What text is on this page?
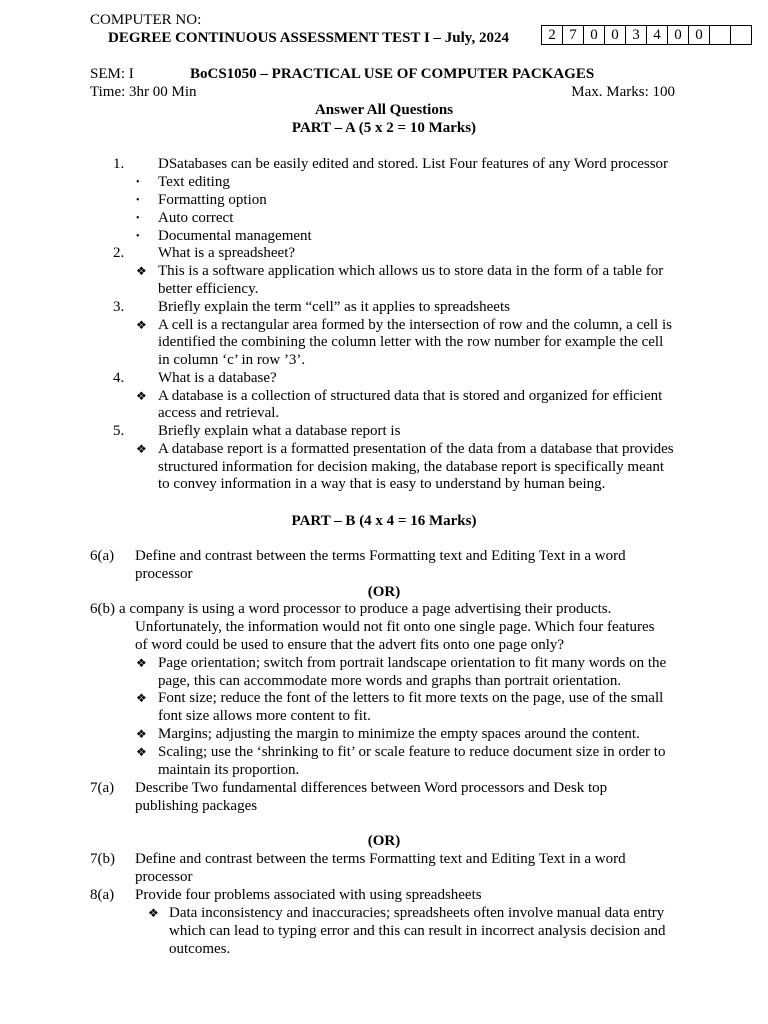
COMPUTER NO:
DEGREE CONTINUOUS ASSESSMENT TEST I – July, 2024	2 7 0 0 3 4 0 0
SEM: I	BoCS1050 – PRACTICAL USE OF COMPUTER PACKAGES
Time: 3hr 00 Min	Max. Marks: 100
Answer All Questions
PART – A (5 x 2 = 10 Marks)
1. DSatabases can be easily edited and stored. List Four features of any Word processor
• Text editing
• Formatting option
• Auto correct
• Documental management
2. What is a spreadsheet?
❖ This is a software application which allows us to store data in the form of a table for
better efficiency.
3. Briefly explain the term “cell” as it applies to spreadsheets
❖ A cell is a rectangular area formed by the intersection of row and the column, a cell is
identified the combining the column letter with the row number for example the cell
in column ‘c’ in row ’3’.
4. What is a database?
❖ A database is a collection of structured data that is stored and organized for efficient
access and retrieval.
5. Briefly explain what a database report is
❖ A database report is a formatted presentation of the data from a database that provides
structured information for decision making, the database report is specifically meant
to convey information in a way that is easy to understand by human being.
PART – B (4 x 4 = 16 Marks)
6(a) Define and contrast between the terms Formatting text and Editing Text in a word
processor
(OR)
6(b) a company is using a word processor to produce a page advertising their products.
Unfortunately, the information would not fit onto one single page. Which four features
of word could be used to ensure that the advert fits onto one page only?
❖ Page orientation; switch from portrait landscape orientation to fit many words on the
page, this can accommodate more words and graphs than portrait orientation.
❖ Font size; reduce the font of the letters to fit more texts on the page, use of the small
font size allows more content to fit.
❖ Margins; adjusting the margin to minimize the empty spaces around the content.
❖ Scaling; use the ‘shrinking to fit’ or scale feature to reduce document size in order to
maintain its proportion.
7(a) Describe Two fundamental differences between Word processors and Desk top
publishing packages
(OR)
7(b) Define and contrast between the terms Formatting text and Editing Text in a word
processor
8(a) Provide four problems associated with using spreadsheets
❖ Data inconsistency and inaccuracies; spreadsheets often involve manual data entry
which can lead to typing error and this can result in incorrect analysis decision and
outcomes.
